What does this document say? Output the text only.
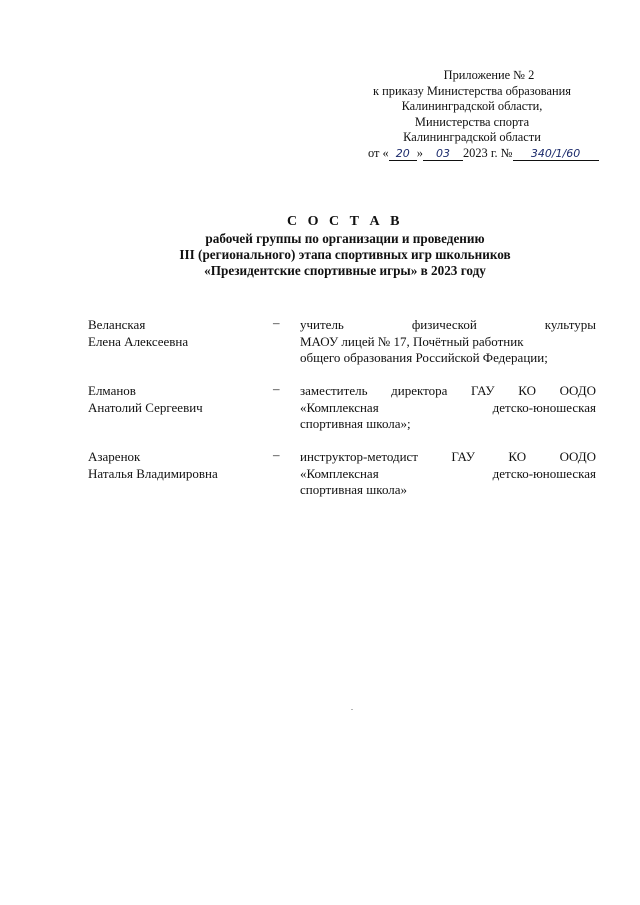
Приложение № 2
к приказу Министерства образования
Калининградской области,
Министерства спорта
Калининградской области
от « 20 » 03 2023 г. № 340/1/60
С О С Т А В
рабочей группы по организации и проведению
III (регионального) этапа спортивных игр школьников
«Президентские спортивные игры» в 2023 году
Веланская
Елена Алексеевна
– учитель	физической	культуры
МАОУ лицей № 17, Почётный работник
общего образования Российской Федерации;
Елманов
Анатолий Сергеевич
– заместитель директора ГАУ КО ООДО
«Комплексная	детско-юношеская
спортивная школа»;
Азаренок
Наталья Владимировна
– инструктор-методист	ГАУ	КО	ООДО
«Комплексная	детско-юношеская
спортивная школа»
